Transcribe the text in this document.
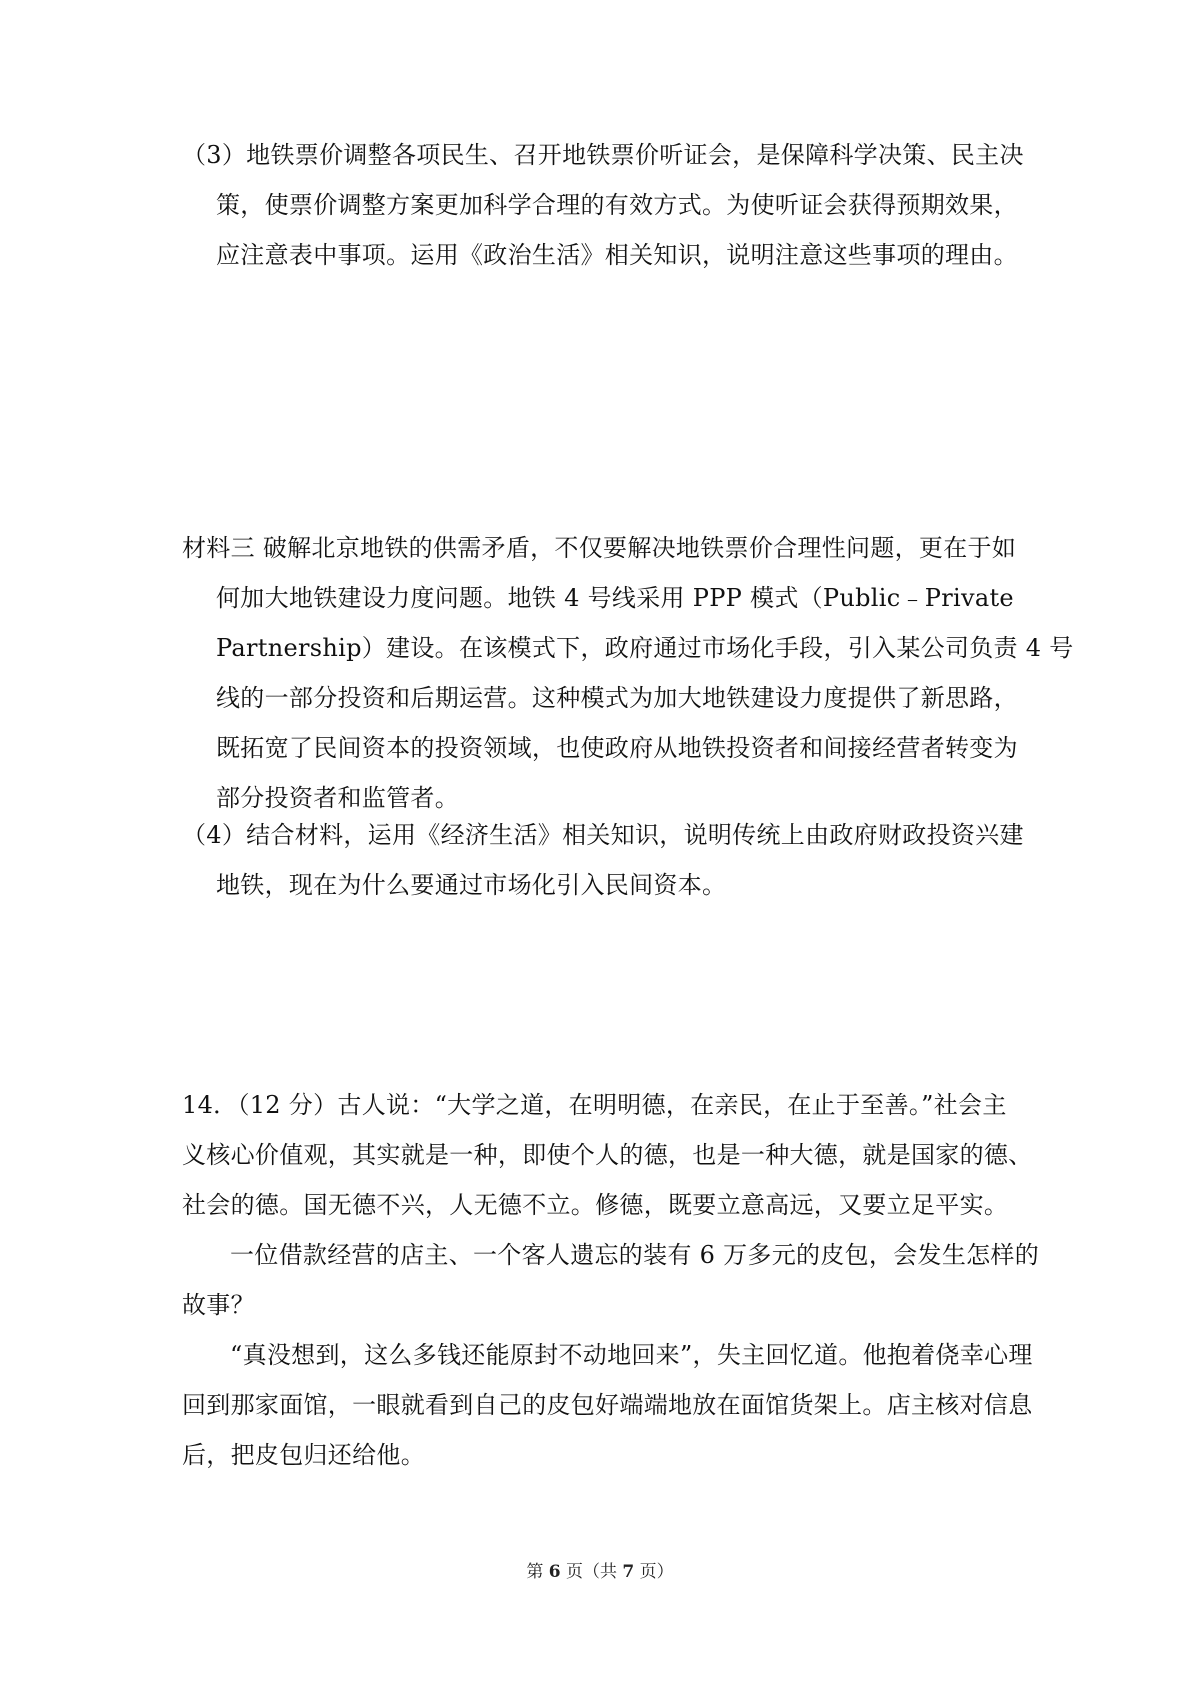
（3）地铁票价调整各项民生、召开地铁票价听证会，是保障科学决策、民主决
策，使票价调整方案更加科学合理的有效方式。为使听证会获得预期效果，
应注意表中事项。运用《政治生活》相关知识，说明注意这些事项的理由。
材料三 破解北京地铁的供需矛盾，不仅要解决地铁票价合理性问题，更在于如
何加大地铁建设力度问题。地铁 4 号线采用 PPP 模式（Public﹣Private
Partnership）建设。在该模式下，政府通过市场化手段，引入某公司负责 4 号
线的一部分投资和后期运营。这种模式为加大地铁建设力度提供了新思路，
既拓宽了民间资本的投资领域，也使政府从地铁投资者和间接经营者转变为
部分投资者和监管者。
（4）结合材料，运用《经济生活》相关知识，说明传统上由政府财政投资兴建
地铁，现在为什么要通过市场化引入民间资本。
14．（12 分）古人说：“大学之道，在明明德，在亲民，在止于至善。”社会主
义核心价值观，其实就是一种，即使个人的德，也是一种大德，就是国家的德、
社会的德。国无德不兴，人无德不立。修德，既要立意高远，又要立足平实。
一位借款经营的店主、一个客人遗忘的装有 6 万多元的皮包，会发生怎样的
故事？
“真没想到，这么多钱还能原封不动地回来”，失主回忆道。他抱着侥幸心理
回到那家面馆，一眼就看到自己的皮包好端端地放在面馆货架上。店主核对信息
后，把皮包归还给他。
第 6 页（共 7 页）
